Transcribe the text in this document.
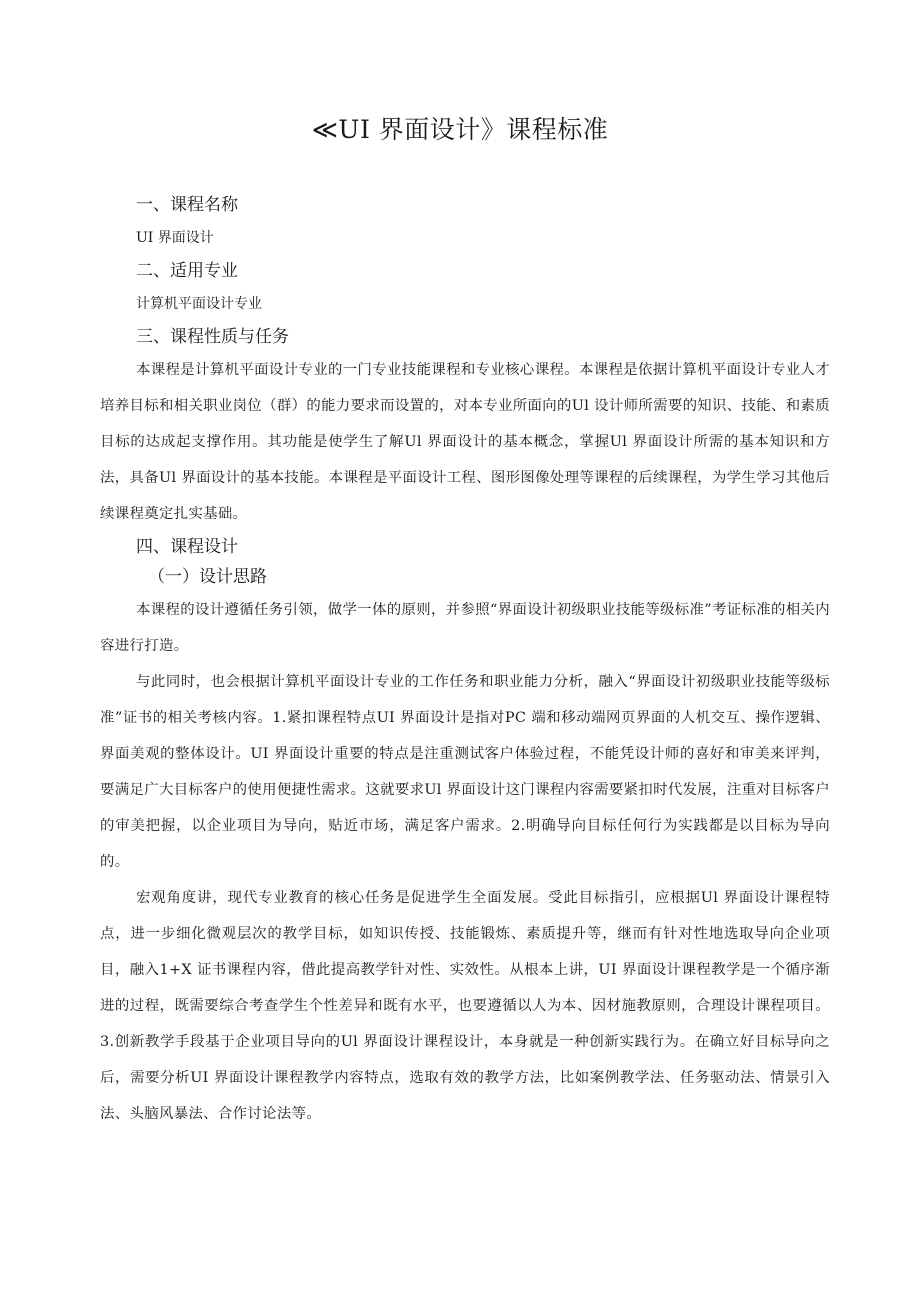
≪UI 界面设计》课程标准
一、课程名称

UI 界面设计

二、适用专业

计算机平面设计专业

三、课程性质与任务

本课程是计算机平面设计专业的一门专业技能课程和专业核心课程。本课程是依据计算机平面设计专业人才培养目标和相关职业岗位（群）的能力要求而设置的，对本专业所面向的Ul 设计师所需要的知识、技能、和素质目标的达成起支撑作用。其功能是使学生了解Ul 界面设计的基本概念，掌握Ul 界面设计所需的基本知识和方法，具备Ul 界面设计的基本技能。本课程是平面设计工程、图形图像处理等课程的后续课程，为学生学习其他后续课程奠定扎实基础。

四、课程设计
（一）设计思路

本课程的设计遵循任务引领，做学一体的原则，并参照“界面设计初级职业技能等级标准”考证标准的相关内容进行打造。

与此同时，也会根据计算机平面设计专业的工作任务和职业能力分析，融入“界面设计初级职业技能等级标准”证书的相关考核内容。1.紧扣课程特点UI 界面设计是指对PC 端和移动端网页界面的人机交互、操作逻辑、界面美观的整体设计。UI 界面设计重要的特点是注重测试客户体验过程，不能凭设计师的喜好和审美来评判，要满足广大目标客户的使用便捷性需求。这就要求Ul 界面设计这门课程内容需要紧扣时代发展，注重对目标客户的审美把握，以企业项目为导向，贴近市场，满足客户需求。2.明确导向目标任何行为实践都是以目标为导向的。

宏观角度讲，现代专业教育的核心任务是促进学生全面发展。受此目标指引，应根据Ul 界面设计课程特点，进一步细化微观层次的教学目标，如知识传授、技能锻炼、素质提升等，继而有针对性地选取导向企业项目，融入1+X 证书课程内容，借此提高教学针对性、实效性。从根本上讲，UI 界面设计课程教学是一个循序渐进的过程，既需要综合考查学生个性差异和既有水平，也要遵循以人为本、因材施教原则，合理设计课程项目。3.创新教学手段基于企业项目导向的Ul 界面设计课程设计，本身就是一种创新实践行为。在确立好目标导向之后，需要分析UI 界面设计课程教学内容特点，选取有效的教学方法，比如案例教学法、任务驱动法、情景引入法、头脑风暴法、合作讨论法等。
